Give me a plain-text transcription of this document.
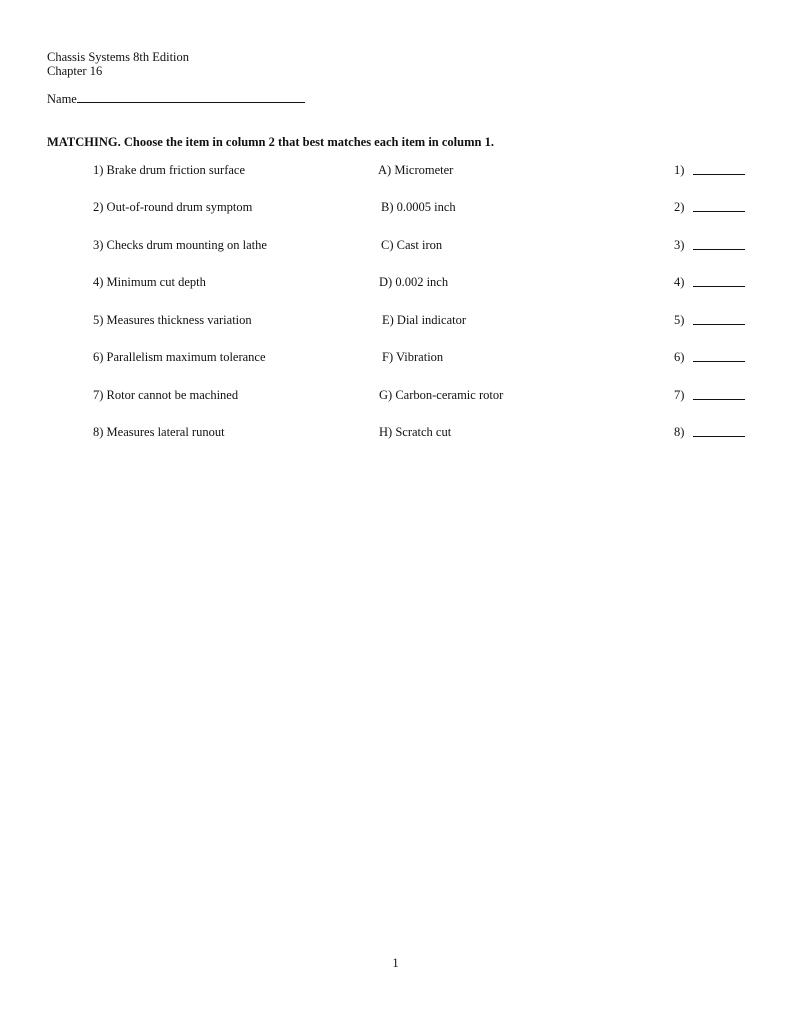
Chassis Systems 8th Edition
Chapter 16
Name
MATCHING. Choose the item in column 2 that best matches each item in column 1.
1) Brake drum friction surface	A) Micrometer	1)
2) Out-of-round drum symptom	B) 0.0005 inch	2)
3) Checks drum mounting on lathe	C) Cast iron	3)
4) Minimum cut depth	D) 0.002 inch	4)
5) Measures thickness variation	E) Dial indicator	5)
6) Parallelism maximum tolerance	F) Vibration	6)
7) Rotor cannot be machined	G) Carbon-ceramic rotor	7)
8) Measures lateral runout	H) Scratch cut	8)
1
